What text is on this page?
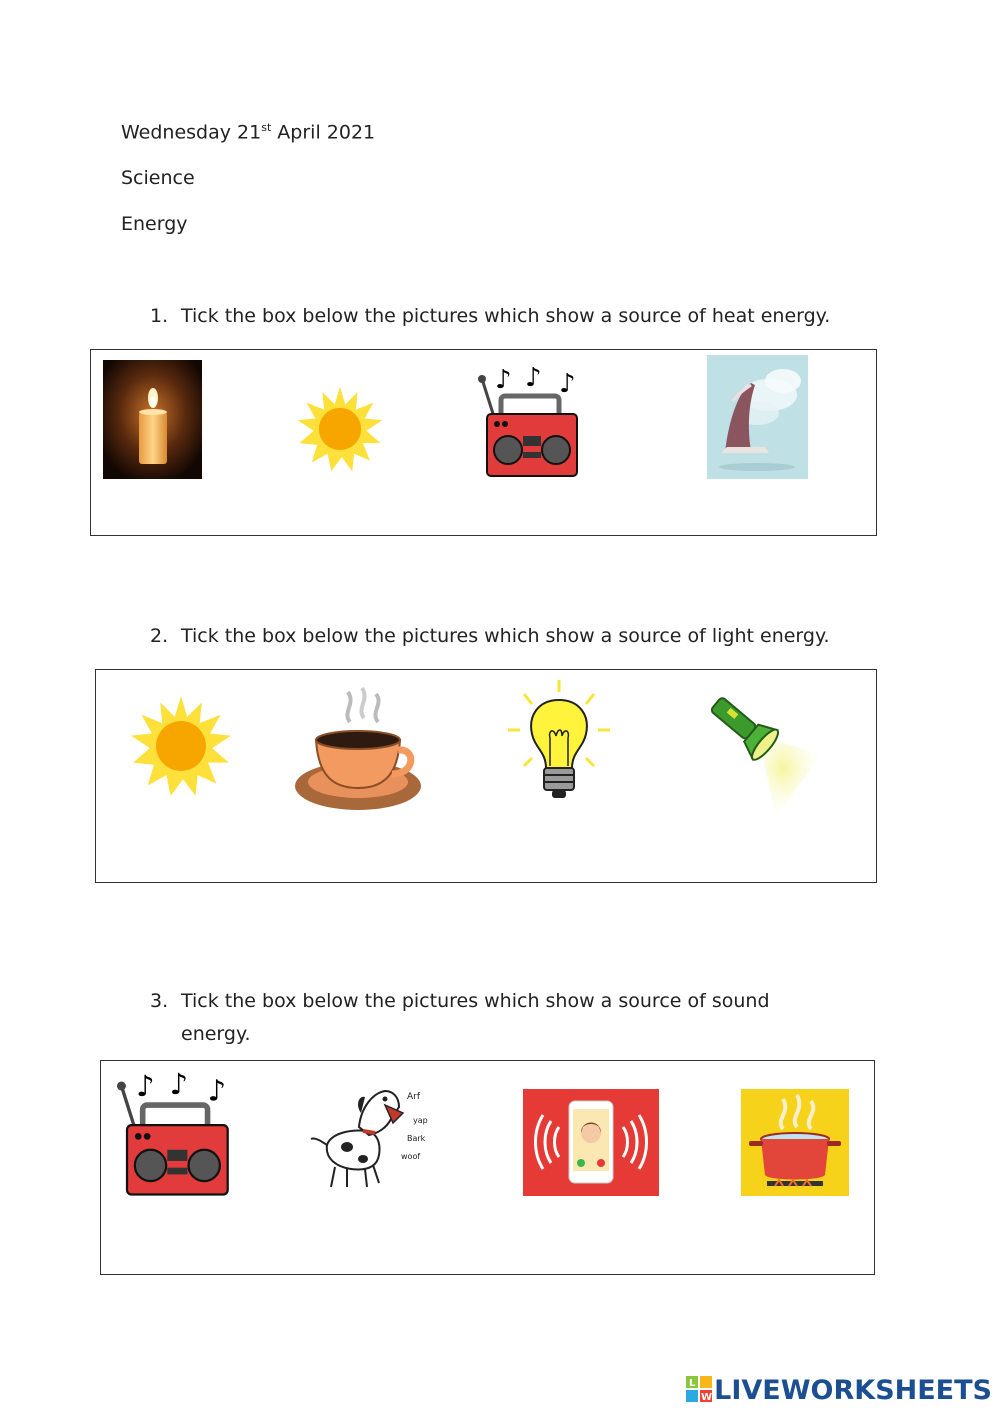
Wednesday 21st April 2021
Science
Energy
1. Tick the box below the pictures which show a source of heat energy.
♪ ♪ ♪
2. Tick the box below the pictures which show a source of light energy.
3. Tick the box below the pictures which show a source of sound
energy.
♪ ♪ ♪	Arf
yap
Bark
woof
L
W LIVEWORKSHEETS
